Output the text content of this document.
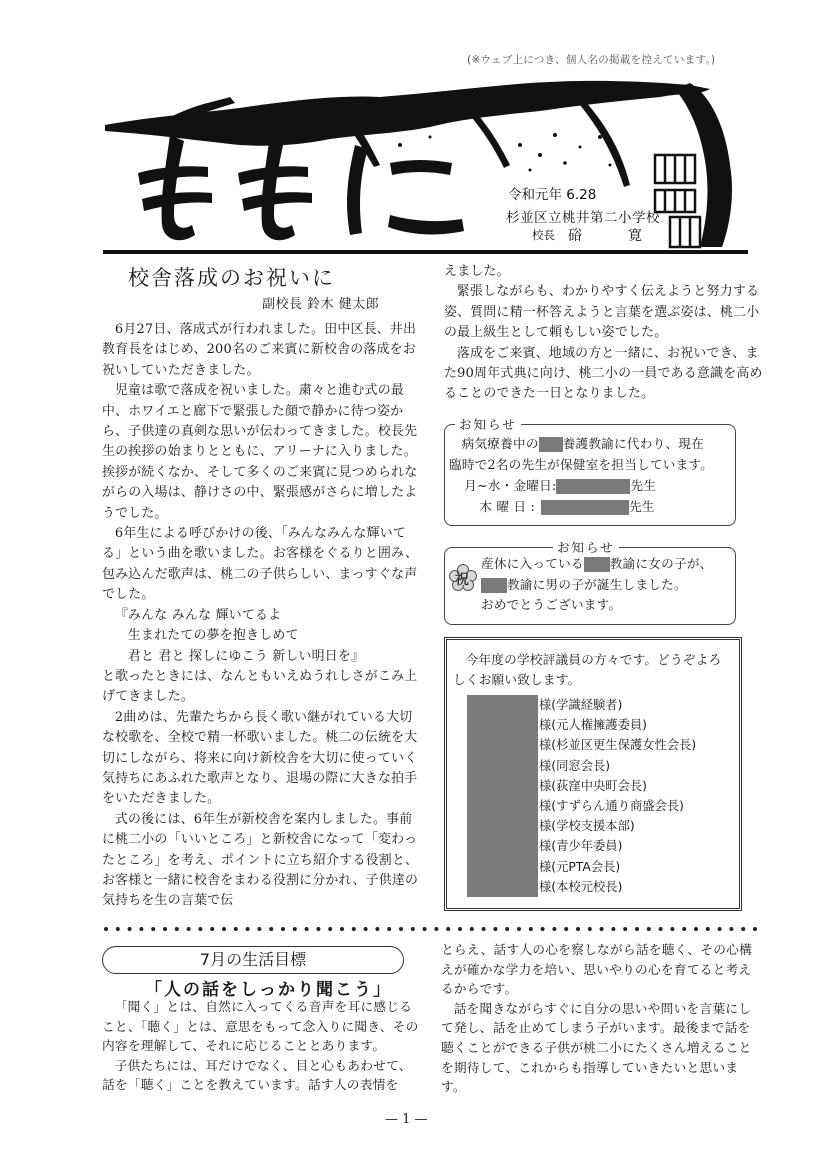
(※ウェブ上につき、個人名の掲載を控えています。)
令和元年 6.28
杉並区立桃井第二小学校
校長 硲	寛
校舎落成のお祝いに
副校長 鈴木 健太郎

6月27日、落成式が行われました。田中区長、井出教育長をはじめ、200名のご来賓に新校舎の落成をお祝いしていただきました。

児童は歌で落成を祝いました。粛々と進む式の最中、ホワイエと廊下で緊張した顔で静かに待つ姿から、子供達の真剣な思いが伝わってきました。校長先生の挨拶の始まりとともに、アリーナに入りました。挨拶が続くなか、そして多くのご来賓に見つめられながらの入場は、静けさの中、緊張感がさらに増したようでした。

6年生による呼びかけの後、「みんなみんな輝いてる」という曲を歌いました。お客様をぐるりと囲み、包み込んだ歌声は、桃二の子供らしい、まっすぐな声でした。

『みんな みんな 輝いてるよ

生まれたての夢を抱きしめて

君と 君と 探しにゆこう 新しい明日を』

と歌ったときには、なんともいえぬうれしさがこみ上げてきました。

2曲めは、先輩たちから長く歌い継がれている大切な校歌を、全校で精一杯歌いました。桃二の伝統を大切にしながら、将来に向け新校舎を大切に使っていく気持ちにあふれた歌声となり、退場の際に大きな拍手をいただきました。

式の後には、6年生が新校舎を案内しました。事前に桃二小の「いいところ」と新校舎になって「変わったところ」を考え、ポイントに立ち紹介する役割と、お客様と一緒に校舎をまわる役割に分かれ、子供達の気持ちを生の言葉で伝

えました。

緊張しながらも、わかりやすく伝えようと努力する姿、質問に精一杯答えようと言葉を選ぶ姿は、桃二小の最上級生として頼もしい姿でした。

落成をご来賓、地域の方と一緒に、お祝いでき、また90周年式典に向け、桃二小の一員である意識を高めることのできた一日となりました。

お知らせ
病気療養中の 養護教諭に代わり、現在
臨時で2名の先生が保健室を担当しています。
月~水・金曜日:	先生
木 曜 日 :	先生
お知らせ
祝
産休に入っている 教諭に女の子が、
教諭に男の子が誕生しました。
おめでとうございます。
今年度の学校評議員の方々です。どうぞよろしくお願い致します。
様(学識経験者)
様(元人権擁護委員)
様(杉並区更生保護女性会長)
様(同窓会長)
様(荻窪中央町会長)
様(すずらん通り商盛会長)
様(学校支援本部)
様(青少年委員)
様(元PTA会長)
様(本校元校長)
7月の生活目標
「人の話をしっかり聞こう」

「聞く」とは、自然に入ってくる音声を耳に感じること、「聴く」とは、意思をもって念入りに聞き、その内容を理解して、それに応じることとあります。

子供たちには、耳だけでなく、目と心もあわせて、話を「聴く」ことを教えています。話す人の表情を

とらえ、話す人の心を察しながら話を聴く、その心構えが確かな学力を培い、思いやりの心を育てると考えるからです。

話を聞きながらすぐに自分の思いや問いを言葉にして発し、話を止めてしまう子がいます。最後まで話を聴くことができる子供が桃二小にたくさん増えることを期待して、これからも指導していきたいと思います。

— 1 —
